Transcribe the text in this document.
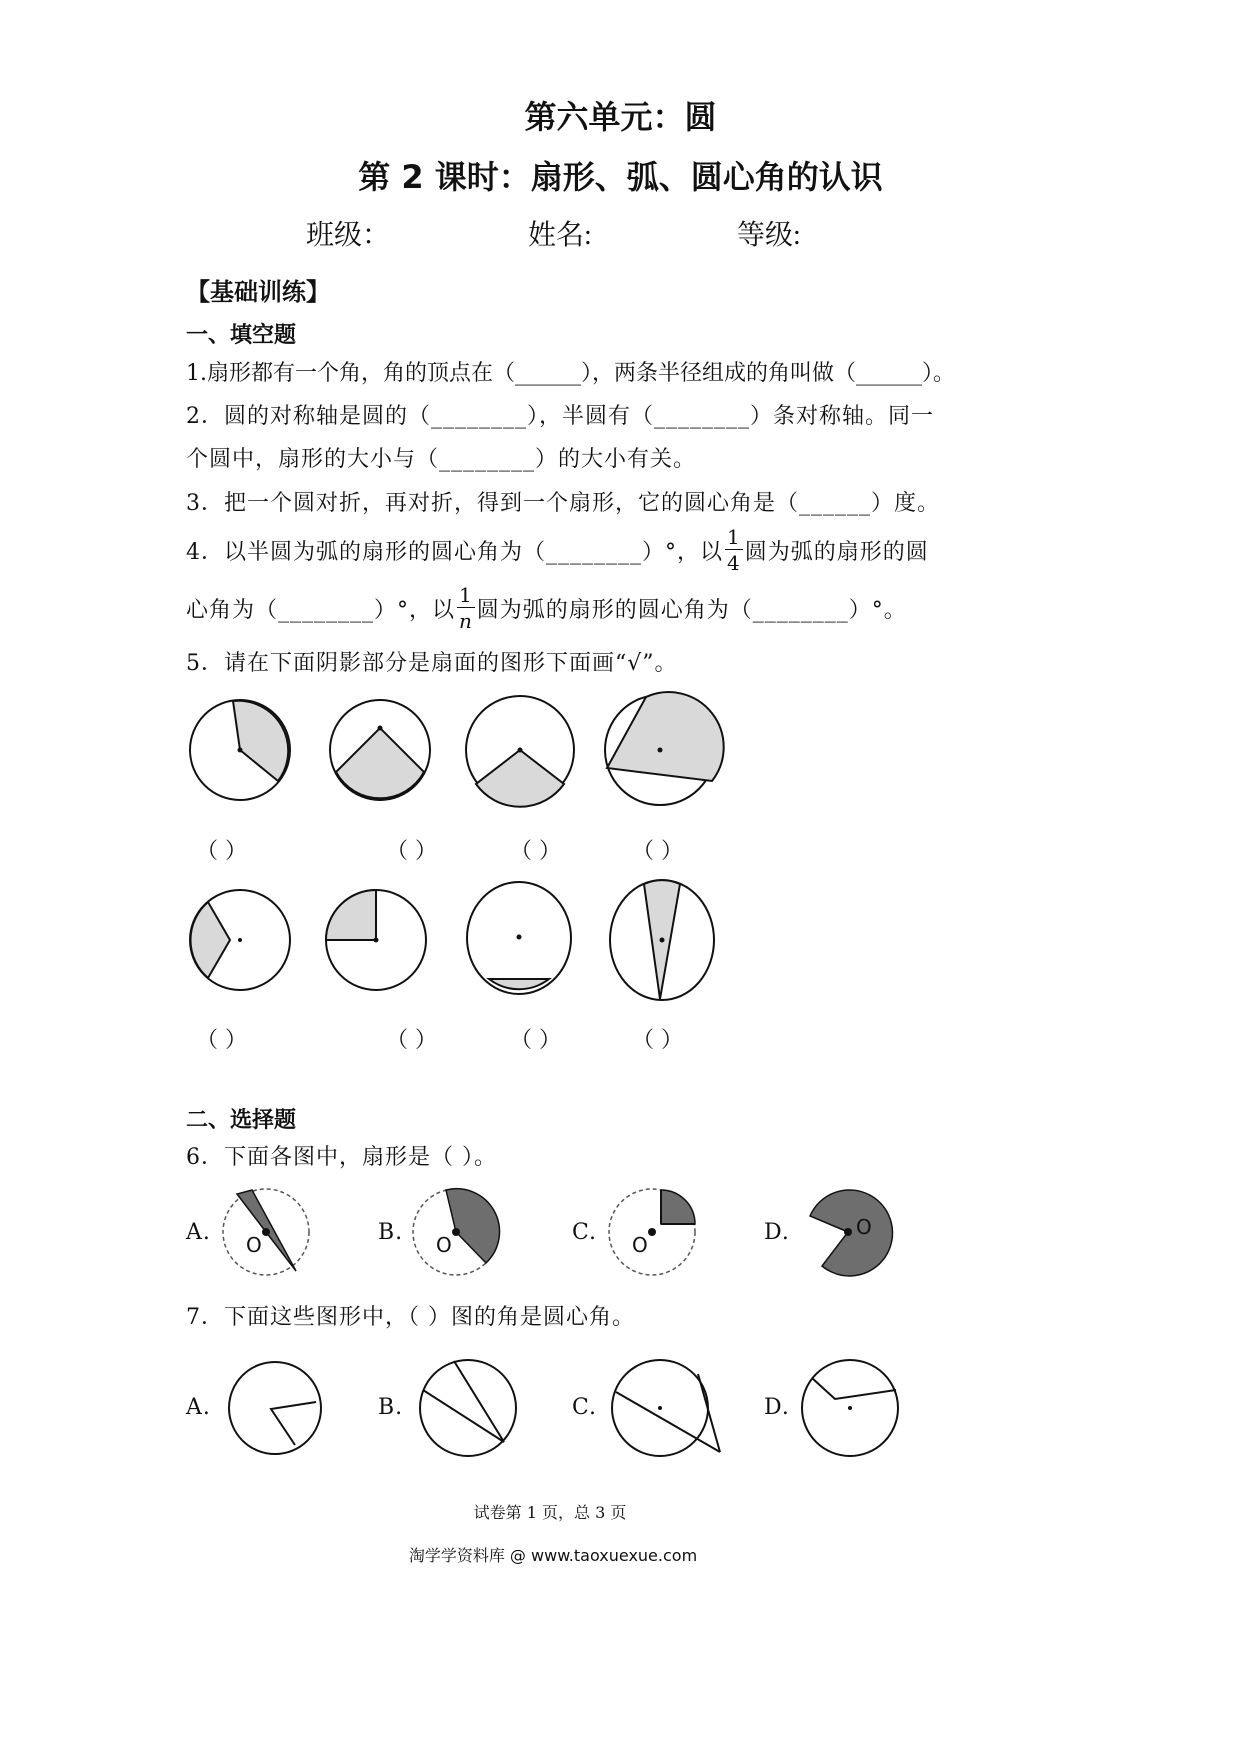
第六单元：圆
第 2 课时：扇形、弧、圆心角的认识
班级：	姓名:	等级:
【基础训练】
一、填空题
1.扇形都有一个角，角的顶点在（______），两条半径组成的角叫做（______）。
2．圆的对称轴是圆的（________），半圆有（________）条对称轴。同一
个圆中，扇形的大小与（________）的大小有关。
3．把一个圆对折，再对折，得到一个扇形，它的圆心角是（______）度。
4．以半圆为弧的扇形的圆心角为（________）°，以 $\frac{1}{4}$ 圆为弧的扇形的圆
心角为（________）°，以 $\frac{1}{n}$ 圆为弧的扇形的圆心角为（________）°。
5．请在下面阴影部分是扇面的图形下面画“√”。
（ ）	（ ）	（ ）	（ ）
（ ）	（ ）	（ ）	（ ）
二、选择题
6．下面各图中，扇形是（ ）。
A.	B.	C.	D.
O	O	O
O
7．下面这些图形中，（ ）图的角是圆心角。
A.	B.	C.	D.
试卷第 1 页，总 3 页
淘学学资料库 @ www.taoxuexue.com
